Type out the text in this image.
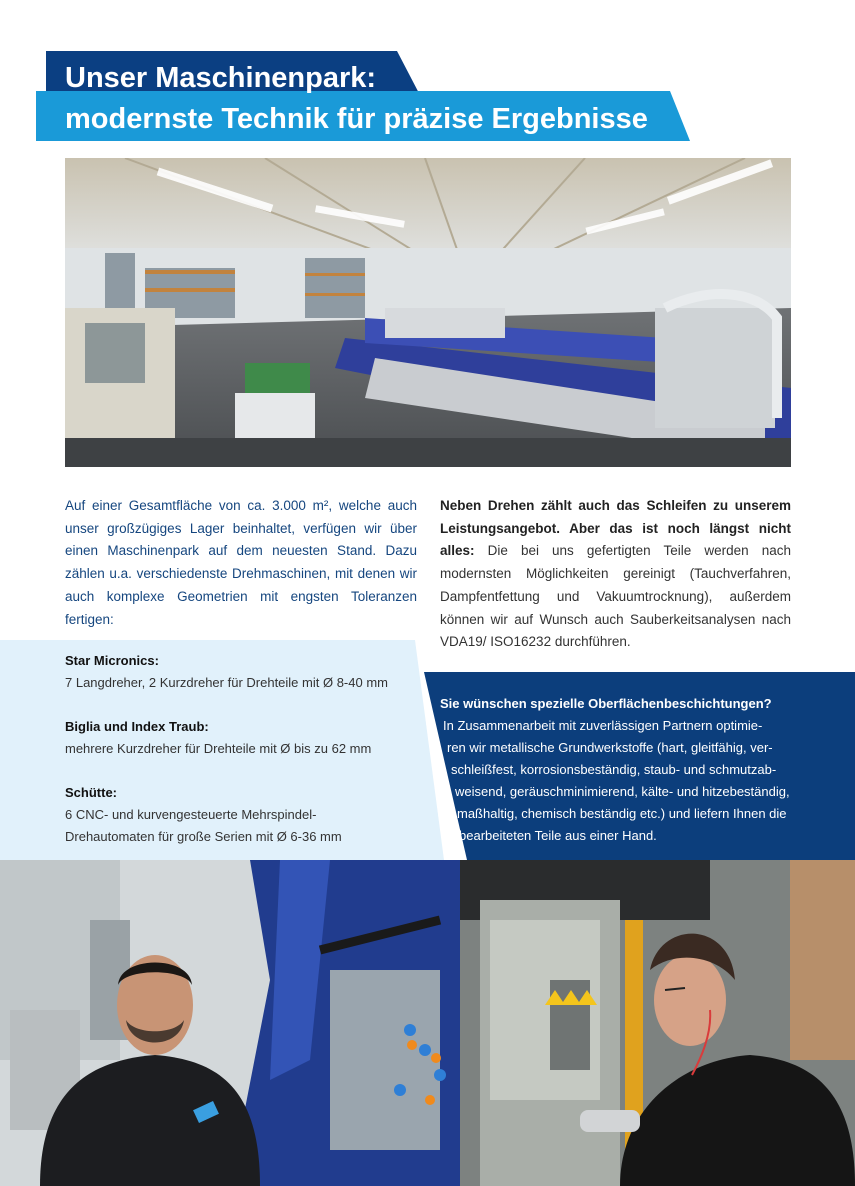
Unser Maschinenpark:
modernste Technik für präzise Ergebnisse
Auf einer Gesamtfläche von ca. 3.000 m², welche auch unser großzügiges Lager beinhaltet, verfügen wir über einen Maschinenpark auf dem neuesten Stand. Dazu zählen u.a. verschiedenste Drehmaschinen, mit denen wir auch komplexe Geometrien mit engsten Toleranzen fertigen:
Neben Drehen zählt auch das Schleifen zu unserem Leistungsangebot. Aber das ist noch längst nicht alles: Die bei uns gefertigten Teile werden nach modernsten Möglichkeiten gereinigt (Tauchverfahren, Dampfentfettung und Vakuumtrocknung), außerdem können wir auf Wunsch auch Sauberkeitsanalysen nach VDA19/ ISO16232 durchführen.
Star Micronics:
7 Langdreher, 2 Kurzdreher für Drehteile mit Ø 8-40 mm
Biglia und Index Traub:
mehrere Kurzdreher für Drehteile mit Ø bis zu 62 mm
Schütte:
6 CNC- und kurvengesteuerte Mehrspindel-
Drehautomaten für große Serien mit Ø 6-36 mm
Sie wünschen spezielle Oberflächenbeschichtungen?
In Zusammenarbeit mit zuverlässigen Partnern optimie-
ren wir metallische Grundwerkstoffe (hart, gleitfähig, ver-
schleißfest, korrosionsbeständig, staub- und schmutzab-
weisend, geräuschminimierend, kälte- und hitzebeständig,
maßhaltig, chemisch beständig etc.) und liefern Ihnen die
bearbeiteten Teile aus einer Hand.
